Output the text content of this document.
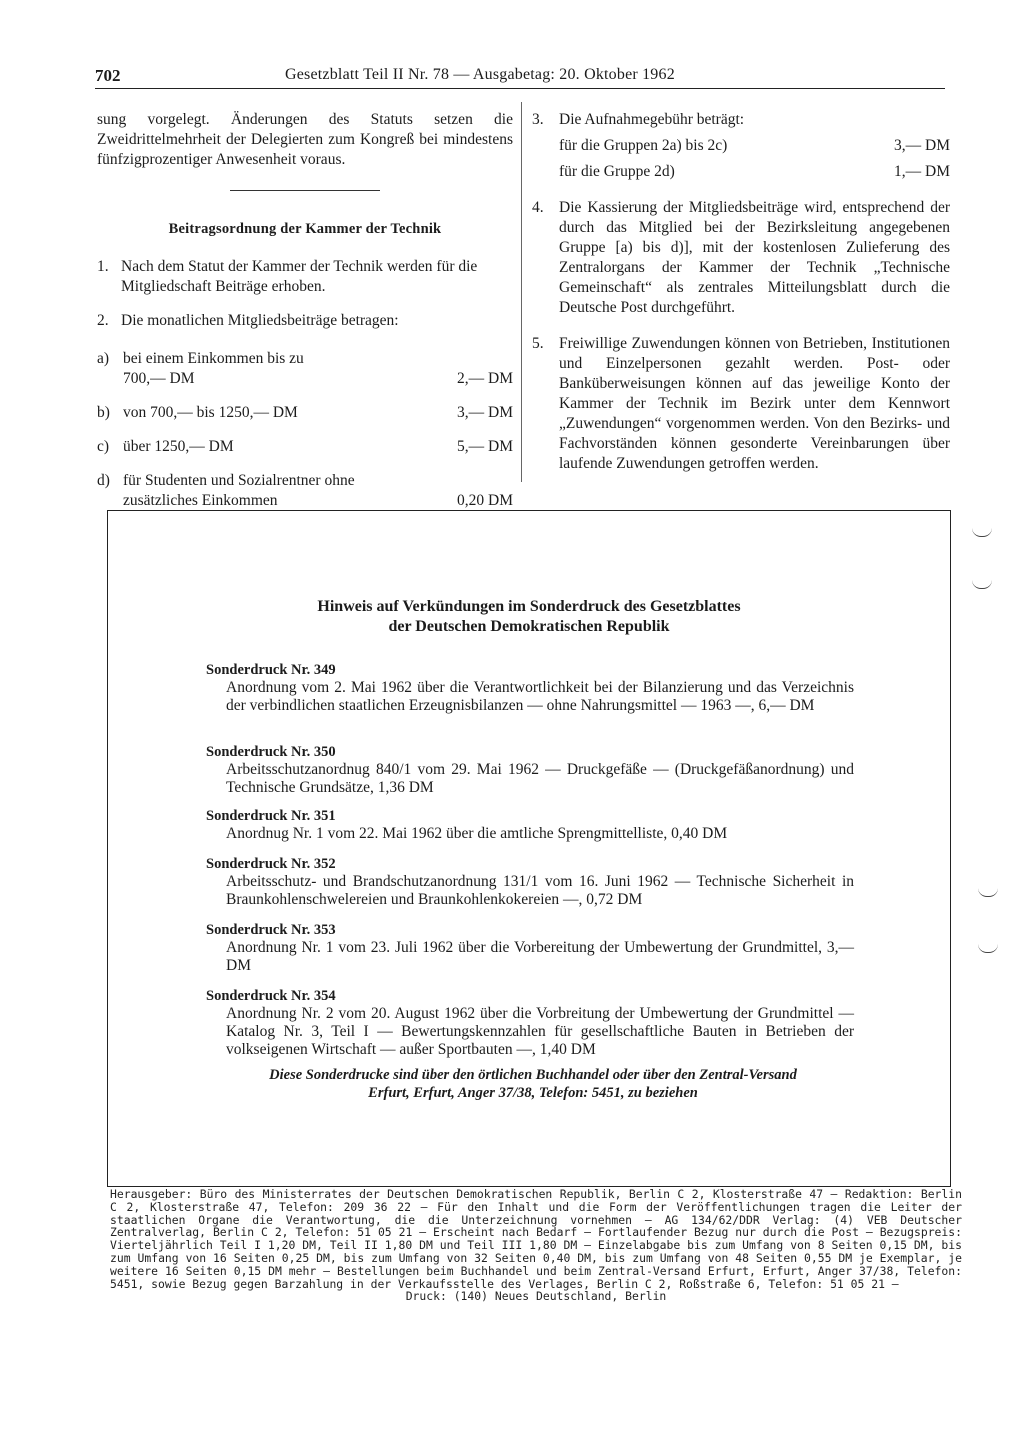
702	Gesetzblatt Teil II Nr. 78 — Ausgabetag: 20. Oktober 1962
sung vorgelegt. Änderungen des Statuts setzen die Zweidrittelmehrheit der Delegierten zum Kongreß bei mindestens fünfzigprozentiger Anwesenheit voraus.
Beitragsordnung der Kammer der Technik
1. Nach dem Statut der Kammer der Technik werden für die Mitgliedschaft Beiträge erhoben.
2. Die monatlichen Mitgliedsbeiträge betragen:
a) bei einem Einkommen bis zu 700,— DM	2,— DM
b) von 700,— bis 1250,— DM	3,— DM
c) über 1250,— DM	5,— DM
d) für Studenten und Sozialrentner ohne zusätzliches Einkommen	0,20 DM
3. Die Aufnahmegebühr beträgt:
für die Gruppen 2a) bis 2c)	3,— DM
für die Gruppe 2d)	1,— DM
4. Die Kassierung der Mitgliedsbeiträge wird, entsprechend der durch das Mitglied bei der Bezirksleitung angegebenen Gruppe [a) bis d)], mit der kostenlosen Zulieferung des Zentralorgans der Kammer der Technik „Technische Gemeinschaft“ als zentrales Mitteilungsblatt durch die Deutsche Post durchgeführt.
5. Freiwillige Zuwendungen können von Betrieben, Institutionen und Einzelpersonen gezahlt werden. Post- oder Banküberweisungen können auf das jeweilige Konto der Kammer der Technik im Bezirk unter dem Kennwort „Zuwendungen“ vorgenommen werden. Von den Bezirks- und Fachvorständen können gesonderte Vereinbarungen über laufende Zuwendungen getroffen werden.
Hinweis auf Verkündungen im Sonderdruck des Gesetzblattes
der Deutschen Demokratischen Republik
Sonderdruck Nr. 349
Anordnung vom 2. Mai 1962 über die Verantwortlichkeit bei der Bilanzierung und das Verzeichnis der verbindlichen staatlichen Erzeugnisbilanzen — ohne Nahrungsmittel — 1963 —, 6,— DM
Sonderdruck Nr. 350
Arbeitsschutzanordnug 840/1 vom 29. Mai 1962 — Druckgefäße — (Druckgefäßanordnung) und Technische Grundsätze, 1,36 DM
Sonderdruck Nr. 351
Anordnug Nr. 1 vom 22. Mai 1962 über die amtliche Sprengmittelliste, 0,40 DM
Sonderdruck Nr. 352
Arbeitsschutz- und Brandschutzanordnung 131/1 vom 16. Juni 1962 — Technische Sicherheit in Braunkohlenschwelereien und Braunkohlenkokereien —, 0,72 DM
Sonderdruck Nr. 353
Anordnung Nr. 1 vom 23. Juli 1962 über die Vorbereitung der Umbewertung der Grundmittel, 3,— DM
Sonderdruck Nr. 354
Anordnung Nr. 2 vom 20. August 1962 über die Vorbreitung der Umbewertung der Grundmittel — Katalog Nr. 3, Teil I — Bewertungskennzahlen für gesellschaftliche Bauten in Betrieben der volkseigenen Wirtschaft — außer Sportbauten —, 1,40 DM
Diese Sonderdrucke sind über den örtlichen Buchhandel oder über den Zentral-Versand
Erfurt, Erfurt, Anger 37/38, Telefon: 5451, zu beziehen
Herausgeber: Büro des Ministerrates der Deutschen Demokratischen Republik, Berlin C 2, Klosterstraße 47 — Redaktion: Berlin C 2, Klosterstraße 47, Telefon: 209 36 22 — Für den Inhalt und die Form der Veröffentlichungen tragen die Leiter der staatlichen Organe die Verantwortung, die die Unterzeichnung vornehmen — AG 134/62/DDR Verlag: (4) VEB Deutscher Zentralverlag, Berlin C 2, Telefon: 51 05 21 — Erscheint nach Bedarf — Fortlaufender Bezug nur durch die Post — Bezugspreis: Vierteljährlich Teil I 1,20 DM, Teil II 1,80 DM und Teil III 1,80 DM — Einzelabgabe bis zum Umfang von 8 Seiten 0,15 DM, bis zum Umfang von 16 Seiten 0,25 DM, bis zum Umfang von 32 Seiten 0,40 DM, bis zum Umfang von 48 Seiten 0,55 DM je Exemplar, je weitere 16 Seiten 0,15 DM mehr — Bestellungen beim Buchhandel und beim Zentral-Versand Erfurt, Erfurt, Anger 37/38, Telefon: 5451, sowie Bezug gegen Barzahlung in der Verkaufsstelle des Verlages, Berlin C 2, Roßstraße 6, Telefon: 51 05 21 —
Druck: (140) Neues Deutschland, Berlin
